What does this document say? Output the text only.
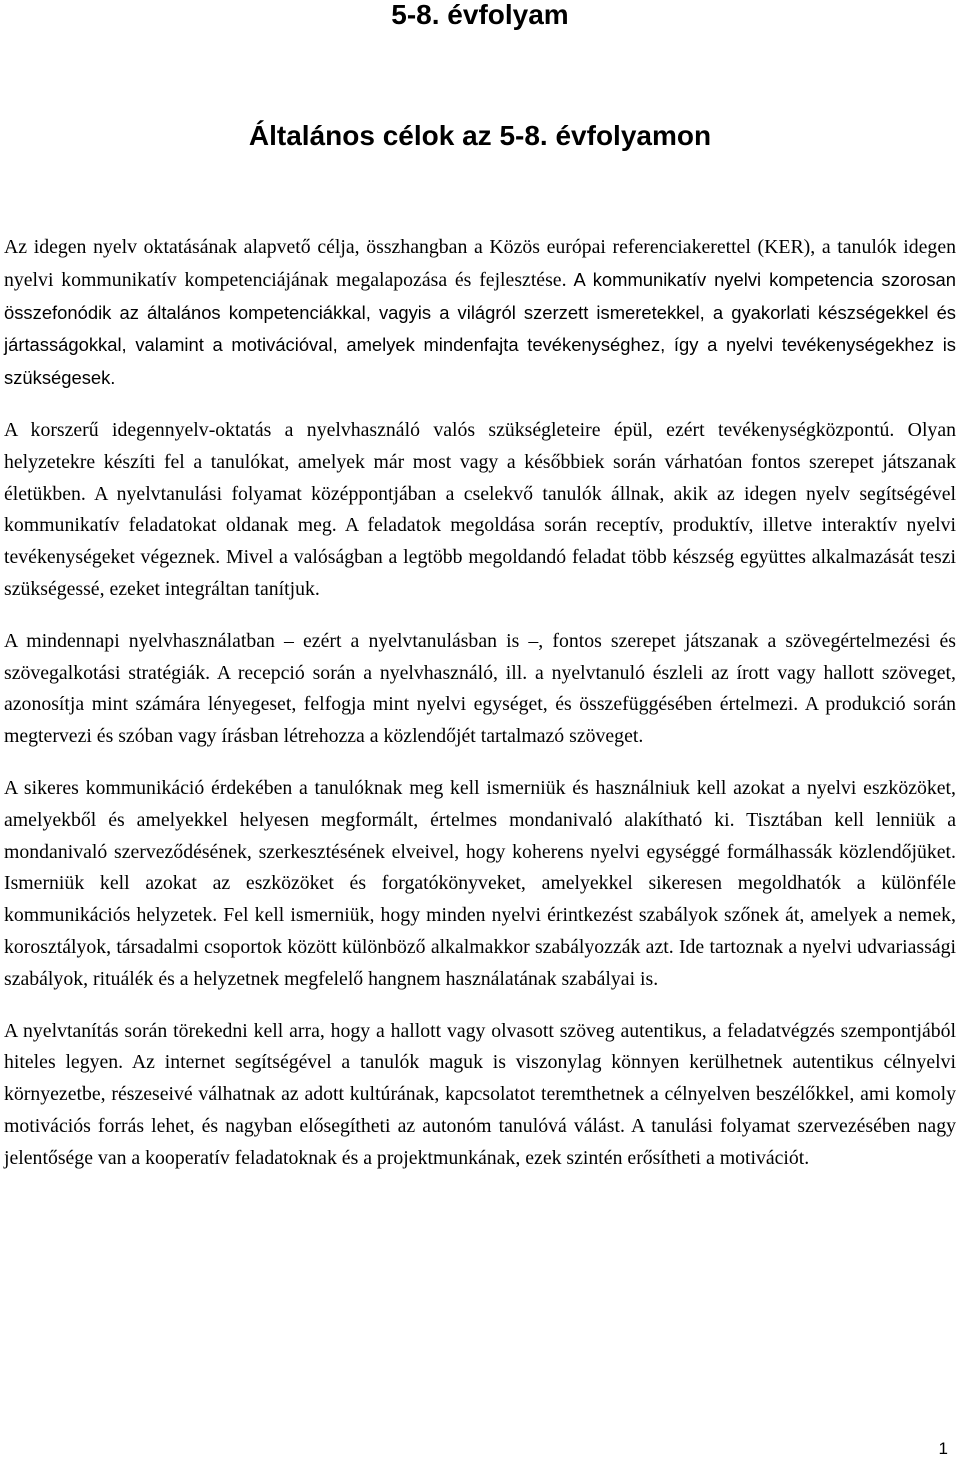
5-8. évfolyam
Általános célok az 5-8. évfolyamon

Az idegen nyelv oktatásának alapvető célja, összhangban a Közös európai referenciakerettel (KER), a tanulók idegen nyelvi kommunikatív kompetenciájának megalapozása és fejlesztése. A kommunikatív nyelvi kompetencia szorosan összefonódik az általános kompetenciákkal, vagyis a világról szerzett ismeretekkel, a gyakorlati készségekkel és jártasságokkal, valamint a motivációval, amelyek mindenfajta tevékenységhez, így a nyelvi tevékenységekhez is szükségesek.

A korszerű idegennyelv-oktatás a nyelvhasználó valós szükségleteire épül, ezért tevékenységközpontú. Olyan helyzetekre készíti fel a tanulókat, amelyek már most vagy a későbbiek során várhatóan fontos szerepet játszanak életükben. A nyelvtanulási folyamat középpontjában a cselekvő tanulók állnak, akik az idegen nyelv segítségével kommunikatív feladatokat oldanak meg. A feladatok megoldása során receptív, produktív, illetve interaktív nyelvi tevékenységeket végeznek. Mivel a valóságban a legtöbb megoldandó feladat több készség együttes alkalmazását teszi szükségessé, ezeket integráltan tanítjuk.

A mindennapi nyelvhasználatban – ezért a nyelvtanulásban is –, fontos szerepet játszanak a szövegértelmezési és szövegalkotási stratégiák. A recepció során a nyelvhasználó, ill. a nyelvtanuló észleli az írott vagy hallott szöveget, azonosítja mint számára lényegeset, felfogja mint nyelvi egységet, és összefüggésében értelmezi. A produkció során megtervezi és szóban vagy írásban létrehozza a közlendőjét tartalmazó szöveget.

A sikeres kommunikáció érdekében a tanulóknak meg kell ismerniük és használniuk kell azokat a nyelvi eszközöket, amelyekből és amelyekkel helyesen megformált, értelmes mondanivaló alakítható ki. Tisztában kell lenniük a mondanivaló szerveződésének, szerkesztésének elveivel, hogy koherens nyelvi egységgé formálhassák közlendőjüket. Ismerniük kell azokat az eszközöket és forgatókönyveket, amelyekkel sikeresen megoldhatók a különféle kommunikációs helyzetek. Fel kell ismerniük, hogy minden nyelvi érintkezést szabályok szőnek át, amelyek a nemek, korosztályok, társadalmi csoportok között különböző alkalmakkor szabályozzák azt. Ide tartoznak a nyelvi udvariassági szabályok, rituálék és a helyzetnek megfelelő hangnem használatának szabályai is.

A nyelvtanítás során törekedni kell arra, hogy a hallott vagy olvasott szöveg autentikus, a feladatvégzés szempontjából hiteles legyen. Az internet segítségével a tanulók maguk is viszonylag könnyen kerülhetnek autentikus célnyelvi környezetbe, részeseivé válhatnak az adott kultúrának, kapcsolatot teremthetnek a célnyelven beszélőkkel, ami komoly motivációs forrás lehet, és nagyban elősegítheti az autonóm tanulóvá válást. A tanulási folyamat szervezésében nagy jelentősége van a kooperatív feladatoknak és a projektmunkának, ezek szintén erősítheti a motivációt.

1
